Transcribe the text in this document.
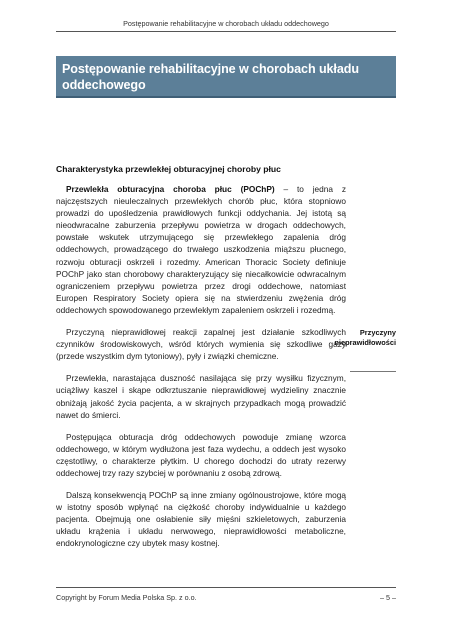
Postępowanie rehabilitacyjne w chorobach układu oddechowego
Postępowanie rehabilitacyjne w chorobach układu oddechowego
Charakterystyka przewlekłej obturacyjnej choroby płuc

Przewlekła obturacyjna choroba płuc (POChP) – to jedna z najczęstszych nieuleczalnych przewlekłych chorób płuc, która stopniowo prowadzi do upośledzenia prawidłowych funkcji oddychania. Jej istotą są nieodwracalne zaburzenia przepływu powietrza w drogach oddechowych, powstałe wskutek utrzymującego się przewlekłego zapalenia dróg oddechowych, prowadzącego do trwałego uszkodzenia miąższu płucnego, rozwoju obturacji oskrzeli i rozedmy. American Thoracic Society definiuje POChP jako stan chorobowy charakteryzujący się niecałkowicie odwracalnym ograniczeniem przepływu powietrza przez drogi oddechowe, natomiast Europen Respiratory Society opiera się na stwierdzeniu zwężenia dróg oddechowych spowodowanego przewlekłym zapaleniem oskrzeli i rozedmą.

Przyczyną nieprawidłowej reakcji zapalnej jest działanie szkodliwych czynników środowiskowych, wśród których wymienia się szkodliwe gazy (przede wszystkim dym tytoniowy), pyły i związki chemiczne.

Przewlekła, narastająca duszność nasilająca się przy wysiłku fizycznym, uciążliwy kaszel i skąpe odkrztuszanie nieprawidłowej wydzieliny znacznie obniżają jakość życia pacjenta, a w skrajnych przypadkach mogą prowadzić nawet do śmierci.

Postępująca obturacja dróg oddechowych powoduje zmianę wzorca oddechowego, w którym wydłużona jest faza wydechu, a oddech jest wysoko częstotliwy, o charakterze płytkim. U chorego dochodzi do utraty rezerwy oddechowej trzy razy szybciej w porównaniu z osobą zdrową.

Dalszą konsekwencją POChP są inne zmiany ogólnoustrojowe, które mogą w istotny sposób wpłynąć na ciężkość choroby indywidualnie u każdego pacjenta. Obejmują one osłabienie siły mięśni szkieletowych, zaburzenia układu krążenia i układu nerwowego, nieprawidłowości metaboliczne, endokrynologiczne czy ubytek masy kostnej.

Przyczyny nieprawidłowości
Copyright by Forum Media Polska Sp. z o.o.	– 5 –
